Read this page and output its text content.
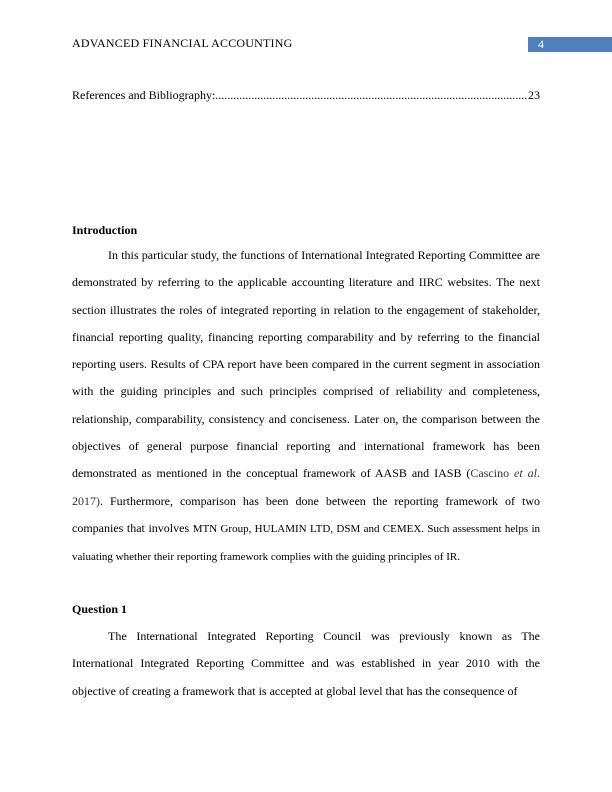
ADVANCED FINANCIAL ACCOUNTING	4
References and Bibliography: .....	23
Introduction

In this particular study, the functions of International Integrated Reporting Committee are demonstrated by referring to the applicable accounting literature and IIRC websites. The next section illustrates the roles of integrated reporting in relation to the engagement of stakeholder, financial reporting quality, financing reporting comparability and by referring to the financial reporting users. Results of CPA report have been compared in the current segment in association with the guiding principles and such principles comprised of reliability and completeness, relationship, comparability, consistency and conciseness. Later on, the comparison between the objectives of general purpose financial reporting and international framework has been demonstrated as mentioned in the conceptual framework of AASB and IASB (Cascino et al. 2017). Furthermore, comparison has been done between the reporting framework of two companies that involves MTN Group, HULAMIN LTD, DSM and CEMEX. Such assessment helps in valuating whether their reporting framework complies with the guiding principles of IR.

Question 1

The International Integrated Reporting Council was previously known as The International Integrated Reporting Committee and was established in year 2010 with the objective of creating a framework that is accepted at global level that has the consequence of
